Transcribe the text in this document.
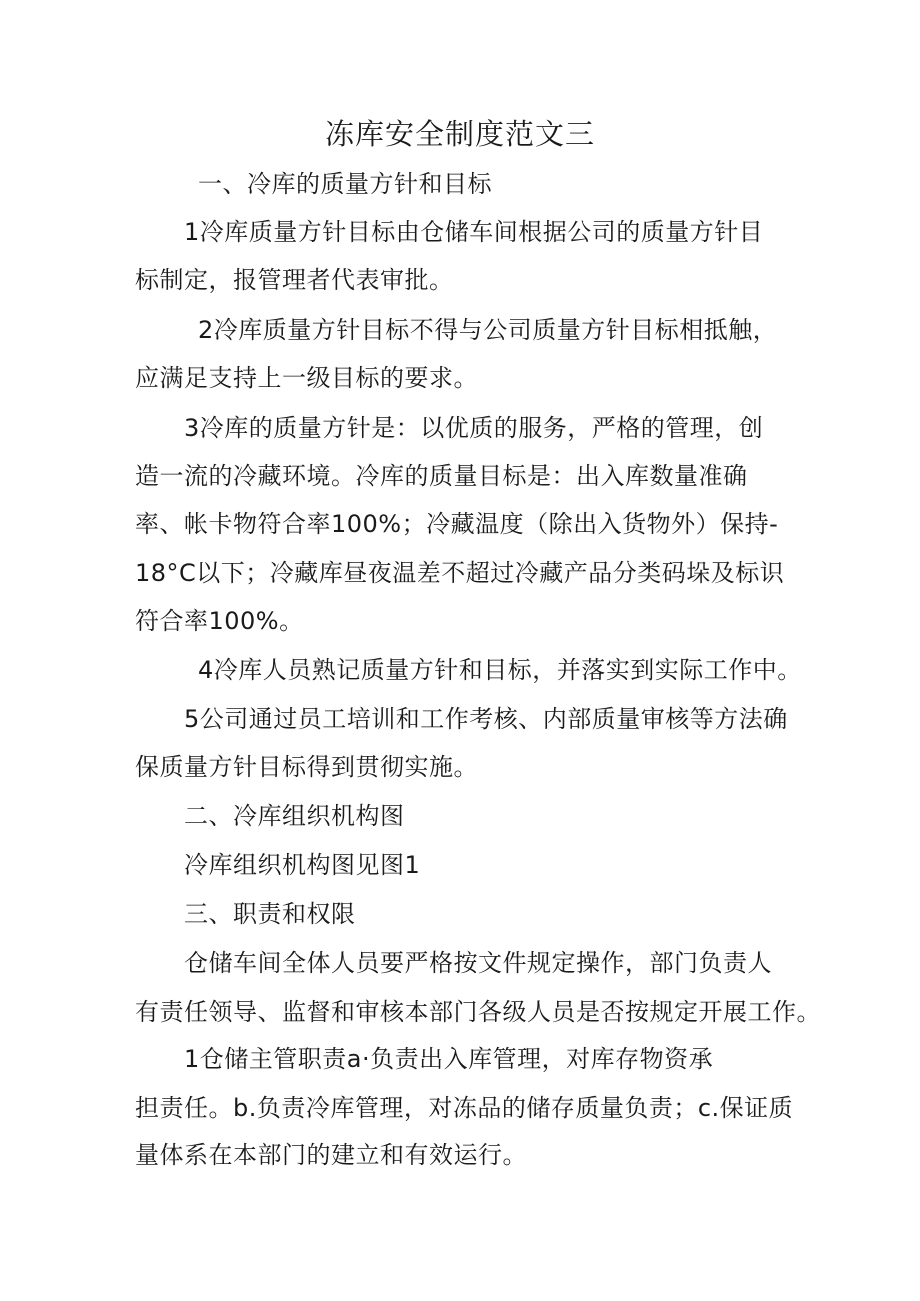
冻库安全制度范文三
一、冷库的质量方针和目标
1冷库质量方针目标由仓储车间根据公司的质量方针目
标制定，报管理者代表审批。
2冷库质量方针目标不得与公司质量方针目标相抵触，
应满足支持上一级目标的要求。
3冷库的质量方针是：以优质的服务，严格的管理，创
造一流的冷藏环境。冷库的质量目标是：出入库数量准确
率、帐卡物符合率100%；冷藏温度（除出入货物外）保持-
18°C以下；冷藏库昼夜温差不超过冷藏产品分类码垛及标识
符合率100%。
4冷库人员熟记质量方针和目标，并落实到实际工作中。
5公司通过员工培训和工作考核、内部质量审核等方法确
保质量方针目标得到贯彻实施。
二、冷库组织机构图
冷库组织机构图见图1
三、职责和权限
仓储车间全体人员要严格按文件规定操作，部门负责人
有责任领导、监督和审核本部门各级人员是否按规定开展工作。
1仓储主管职责a·负责出入库管理，对库存物资承
担责任。b.负责冷库管理，对冻品的储存质量负责；c.保证质
量体系在本部门的建立和有效运行。
